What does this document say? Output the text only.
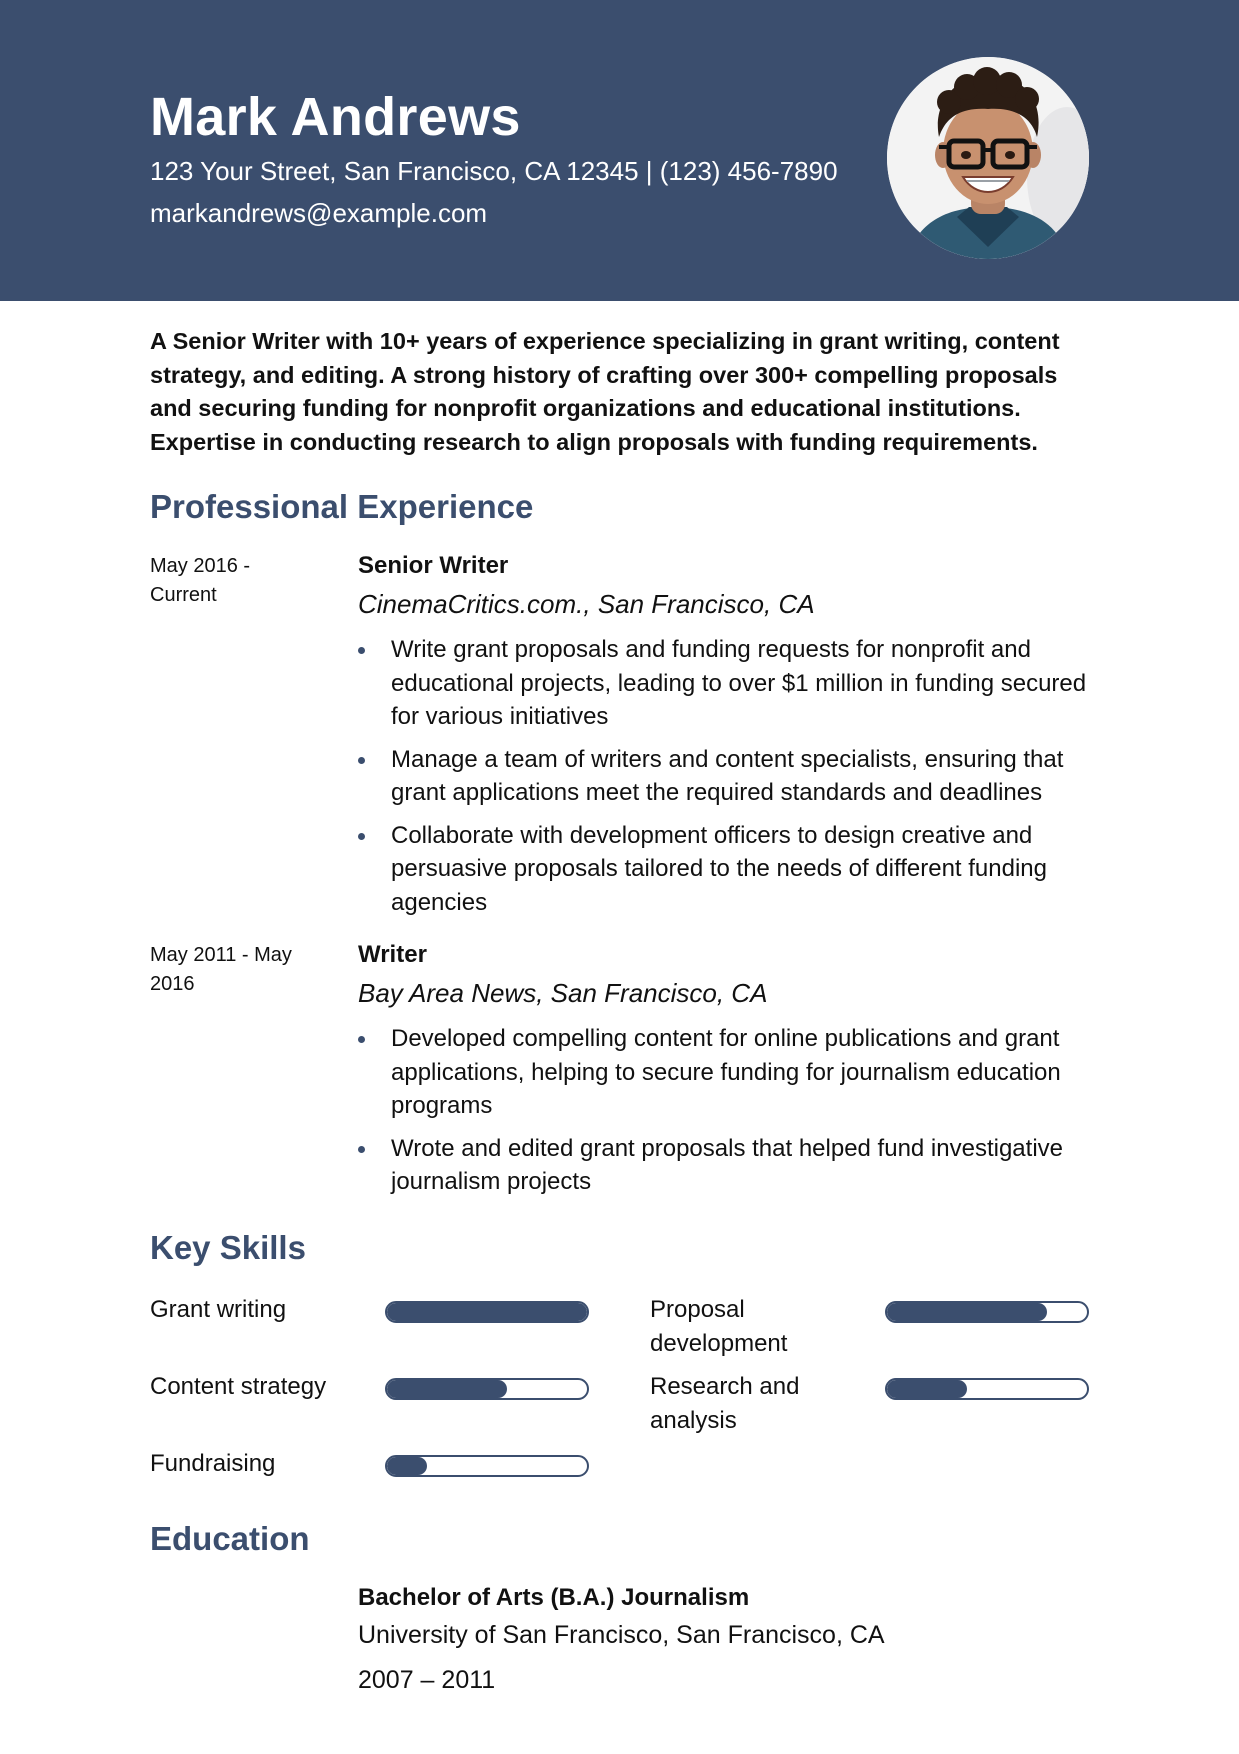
Mark Andrews
123 Your Street, San Francisco, CA 12345 | (123) 456-7890
markandrews@example.com
A Senior Writer with 10+ years of experience specializing in grant writing, content strategy, and editing. A strong history of crafting over 300+ compelling proposals and securing funding for nonprofit organizations and educational institutions. Expertise in conducting research to align proposals with funding requirements.
Professional Experience
May 2016 -
Current
Senior Writer
CinemaCritics.com., San Francisco, CA
Write grant proposals and funding requests for nonprofit and educational projects, leading to over $1 million in funding secured for various initiatives
Manage a team of writers and content specialists, ensuring that grant applications meet the required standards and deadlines
Collaborate with development officers to design creative and persuasive proposals tailored to the needs of different funding agencies
May 2011 - May
2016
Writer
Bay Area News, San Francisco, CA
Developed compelling content for online publications and grant applications, helping to secure funding for journalism education programs
Wrote and edited grant proposals that helped fund investigative journalism projects
Key Skills
Grant writing	Proposal development
Content strategy	Research and analysis
Fundraising
Education
Bachelor of Arts (B.A.) Journalism
University of San Francisco, San Francisco, CA
2007 – 2011
